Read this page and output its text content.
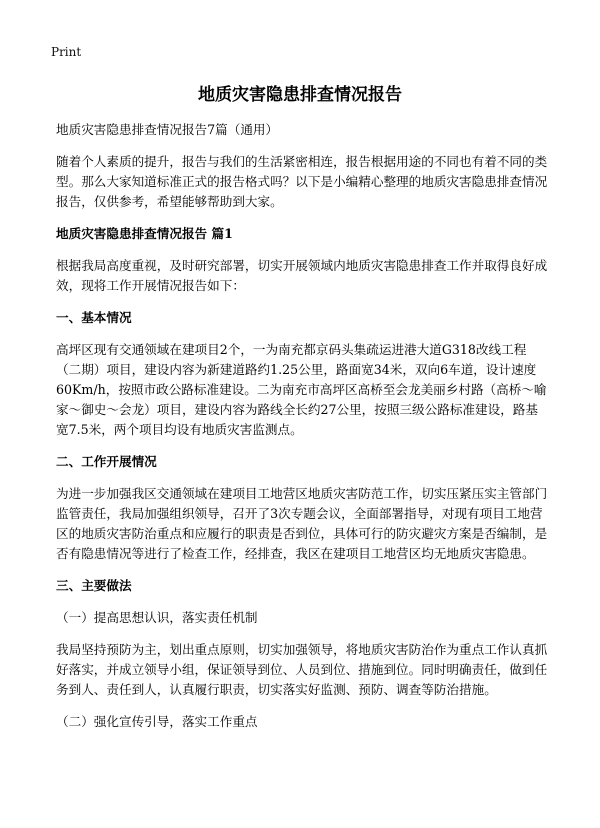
Print
地质灾害隐患排查情况报告

地质灾害隐患排查情况报告7篇（通用）

随着个人素质的提升，报告与我们的生活紧密相连，报告根据用途的不同也有着不同的类型。那么大家知道标准正式的报告格式吗？以下是小编精心整理的地质灾害隐患排查情况报告，仅供参考，希望能够帮助到大家。

地质灾害隐患排查情况报告 篇1

根据我局高度重视，及时研究部署，切实开展领域内地质灾害隐患排查工作并取得良好成效，现将工作开展情况报告如下：

一、基本情况

高坪区现有交通领域在建项目2个，一为南充都京码头集疏运进港大道G318改线工程（二期）项目，建设内容为新建道路约1.25公里，路面宽34米，双向6车道，设计速度60Km/h，按照市政公路标准建设。二为南充市高坪区高桥至会龙美丽乡村路（高桥～喻家～御史～会龙）项目，建设内容为路线全长约27公里，按照三级公路标准建设，路基宽7.5米，两个项目均设有地质灾害监测点。

二、工作开展情况

为进一步加强我区交通领域在建项目工地营区地质灾害防范工作，切实压紧压实主管部门监管责任，我局加强组织领导，召开了3次专题会议，全面部署指导，对现有项目工地营区的地质灾害防治重点和应履行的职责是否到位，具体可行的防灾避灾方案是否编制，是否有隐患情况等进行了检查工作，经排查，我区在建项目工地营区均无地质灾害隐患。

三、主要做法

（一）提高思想认识，落实责任机制

我局坚持预防为主，划出重点原则，切实加强领导，将地质灾害防治作为重点工作认真抓好落实，并成立领导小组，保证领导到位、人员到位、措施到位。同时明确责任，做到任务到人、责任到人，认真履行职责，切实落实好监测、预防、调查等防治措施。

（二）强化宣传引导，落实工作重点
